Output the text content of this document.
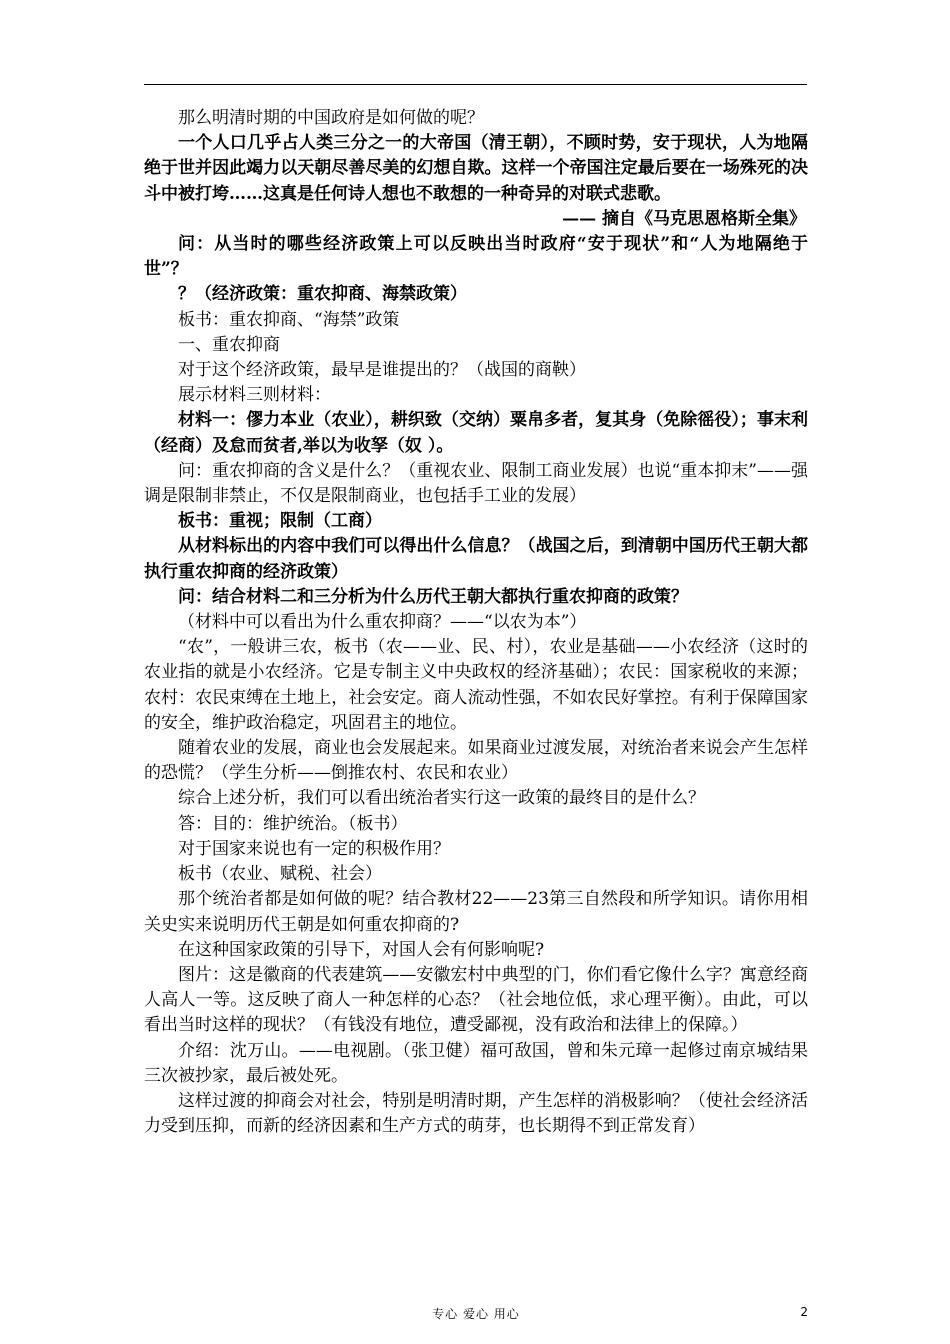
那么明清时期的中国政府是如何做的呢？

一个人口几乎占人类三分之一的大帝国（清王朝），不顾时势，安于现状，人为地隔绝于世并因此竭力以天朝尽善尽美的幻想自欺。这样一个帝国注定最后要在一场殊死的决斗中被打垮……这真是任何诗人想也不敢想的一种奇异的对联式悲歌。

—— 摘自《马克思恩格斯全集》

问：从当时的哪些经济政策上可以反映出当时政府“安于现状”和“人为地隔绝于世”？

？（经济政策：重农抑商、海禁政策）

板书：重农抑商、“海禁”政策

一、重农抑商

对于这个经济政策，最早是谁提出的？（战国的商鞅）

展示材料三则材料：

材料一：僇力本业（农业），耕织致（交纳）粟帛多者，复其身（免除徭役）；事末利（经商）及怠而贫者,举以为收孥（奴 ）。

问：重农抑商的含义是什么？（重视农业、限制工商业发展）也说“重本抑末”——强调是限制非禁止，不仅是限制商业，也包括手工业的发展）

板书：重视；限制（工商）

从材料标出的内容中我们可以得出什么信息？（战国之后，到清朝中国历代王朝大都执行重农抑商的经济政策）

问：结合材料二和三分析为什么历代王朝大都执行重农抑商的政策？

（材料中可以看出为什么重农抑商？——“以农为本”）

“农”，一般讲三农，板书（农——业、民、村），农业是基础——小农经济（这时的农业指的就是小农经济。它是专制主义中央政权的经济基础）；农民：国家税收的来源；农村：农民束缚在土地上，社会安定。商人流动性强，不如农民好掌控。有利于保障国家的安全，维护政治稳定，巩固君主的地位。

随着农业的发展，商业也会发展起来。如果商业过渡发展，对统治者来说会产生怎样的恐慌？（学生分析——倒推农村、农民和农业）

综合上述分析，我们可以看出统治者实行这一政策的最终目的是什么？

答：目的：维护统治。（板书）

对于国家来说也有一定的积极作用？

板书（农业、赋税、社会）

那个统治者都是如何做的呢？结合教材22——23第三自然段和所学知识。请你用相关史实来说明历代王朝是如何重农抑商的?

在这种国家政策的引导下，对国人会有何影响呢?

图片：这是徽商的代表建筑——安徽宏村中典型的门，你们看它像什么字？寓意经商人高人一等。这反映了商人一种怎样的心态？（社会地位低，求心理平衡）。由此，可以看出当时这样的现状？（有钱没有地位，遭受鄙视，没有政治和法律上的保障。）

介绍：沈万山。——电视剧。（张卫健）福可敌国，曾和朱元璋一起修过南京城结果三次被抄家，最后被处死。

这样过渡的抑商会对社会，特别是明清时期，产生怎样的消极影响？（使社会经济活力受到压抑，而新的经济因素和生产方式的萌芽，也长期得不到正常发育）

专心 爱心 用心	2
